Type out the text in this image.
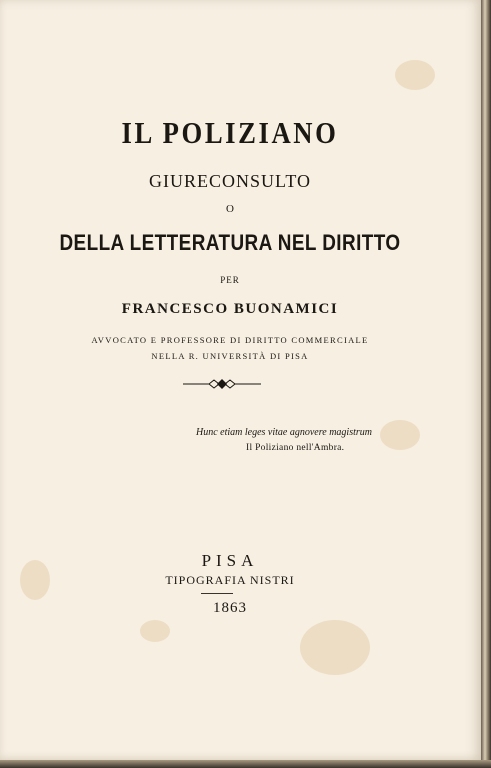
IL POLIZIANO
GIURECONSULTO
O
DELLA LETTERATURA NEL DIRITTO
PER
FRANCESCO BUONAMICI
AVVOCATO E PROFESSORE DI DIRITTO COMMERCIALE
NELLA R. UNIVERSITÀ DI PISA
Hunc etiam leges vitae agnovere magistrum
Il Poliziano nell'Ambra.
PISA
TIPOGRAFIA NISTRI
1863
